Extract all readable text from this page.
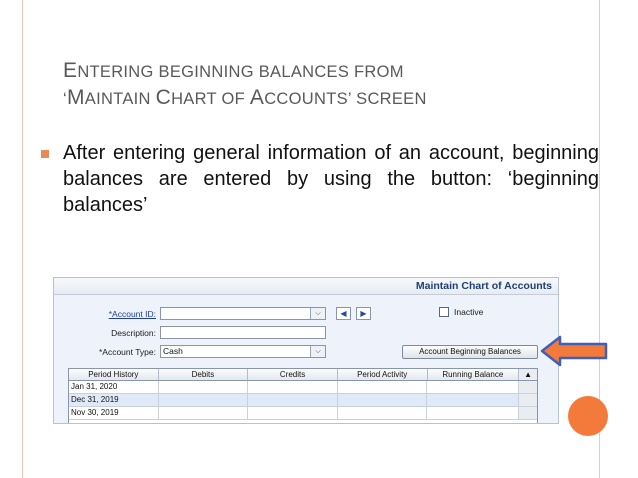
ENTERING BEGINNING BALANCES FROM
‘MAINTAIN CHART OF ACCOUNTS’ SCREEN
After entering general information of an account, beginning balances are entered by using the button: ‘beginning balances’
Maintain Chart of Accounts
*Account ID:	⌵	◀	▶	Inactive
Description:
*Account Type: Cash	⌵	Account Beginning Balances
Period History	Debits	Credits	Period Activity	Running Balance	▲
Jan 31, 2020
Dec 31, 2019
Nov 30, 2019
